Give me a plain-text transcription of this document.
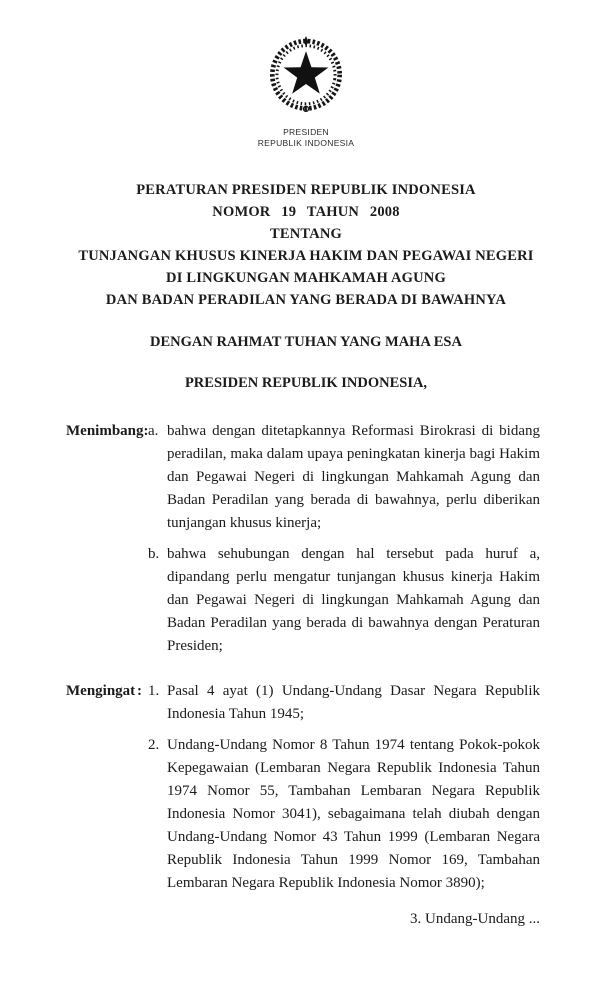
PRESIDEN
REPUBLIK INDONESIA
PERATURAN PRESIDEN REPUBLIK INDONESIA
NOMOR 19 TAHUN 2008
TENTANG
TUNJANGAN KHUSUS KINERJA HAKIM DAN PEGAWAI NEGERI
DI LINGKUNGAN MAHKAMAH AGUNG
DAN BADAN PERADILAN YANG BERADA DI BAWAHNYA
DENGAN RAHMAT TUHAN YANG MAHA ESA
PRESIDEN REPUBLIK INDONESIA,
Menimbang : a. bahwa dengan ditetapkannya Reformasi Birokrasi di bidang peradilan, maka dalam upaya peningkatan kinerja bagi Hakim dan Pegawai Negeri di lingkungan Mahkamah Agung dan Badan Peradilan yang berada di bawahnya, perlu diberikan tunjangan khusus kinerja;
b. bahwa sehubungan dengan hal tersebut pada huruf a, dipandang perlu mengatur tunjangan khusus kinerja Hakim dan Pegawai Negeri di lingkungan Mahkamah Agung dan Badan Peradilan yang berada di bawahnya dengan Peraturan Presiden;
Mengingat : 1. Pasal 4 ayat (1) Undang-Undang Dasar Negara Republik Indonesia Tahun 1945;
2. Undang-Undang Nomor 8 Tahun 1974 tentang Pokok-pokok Kepegawaian (Lembaran Negara Republik Indonesia Tahun 1974 Nomor 55, Tambahan Lembaran Negara Republik Indonesia Nomor 3041), sebagaimana telah diubah dengan Undang-Undang Nomor 43 Tahun 1999 (Lembaran Negara Republik Indonesia Tahun 1999 Nomor 169, Tambahan Lembaran Negara Republik Indonesia Nomor 3890);
3. Undang-Undang ...
